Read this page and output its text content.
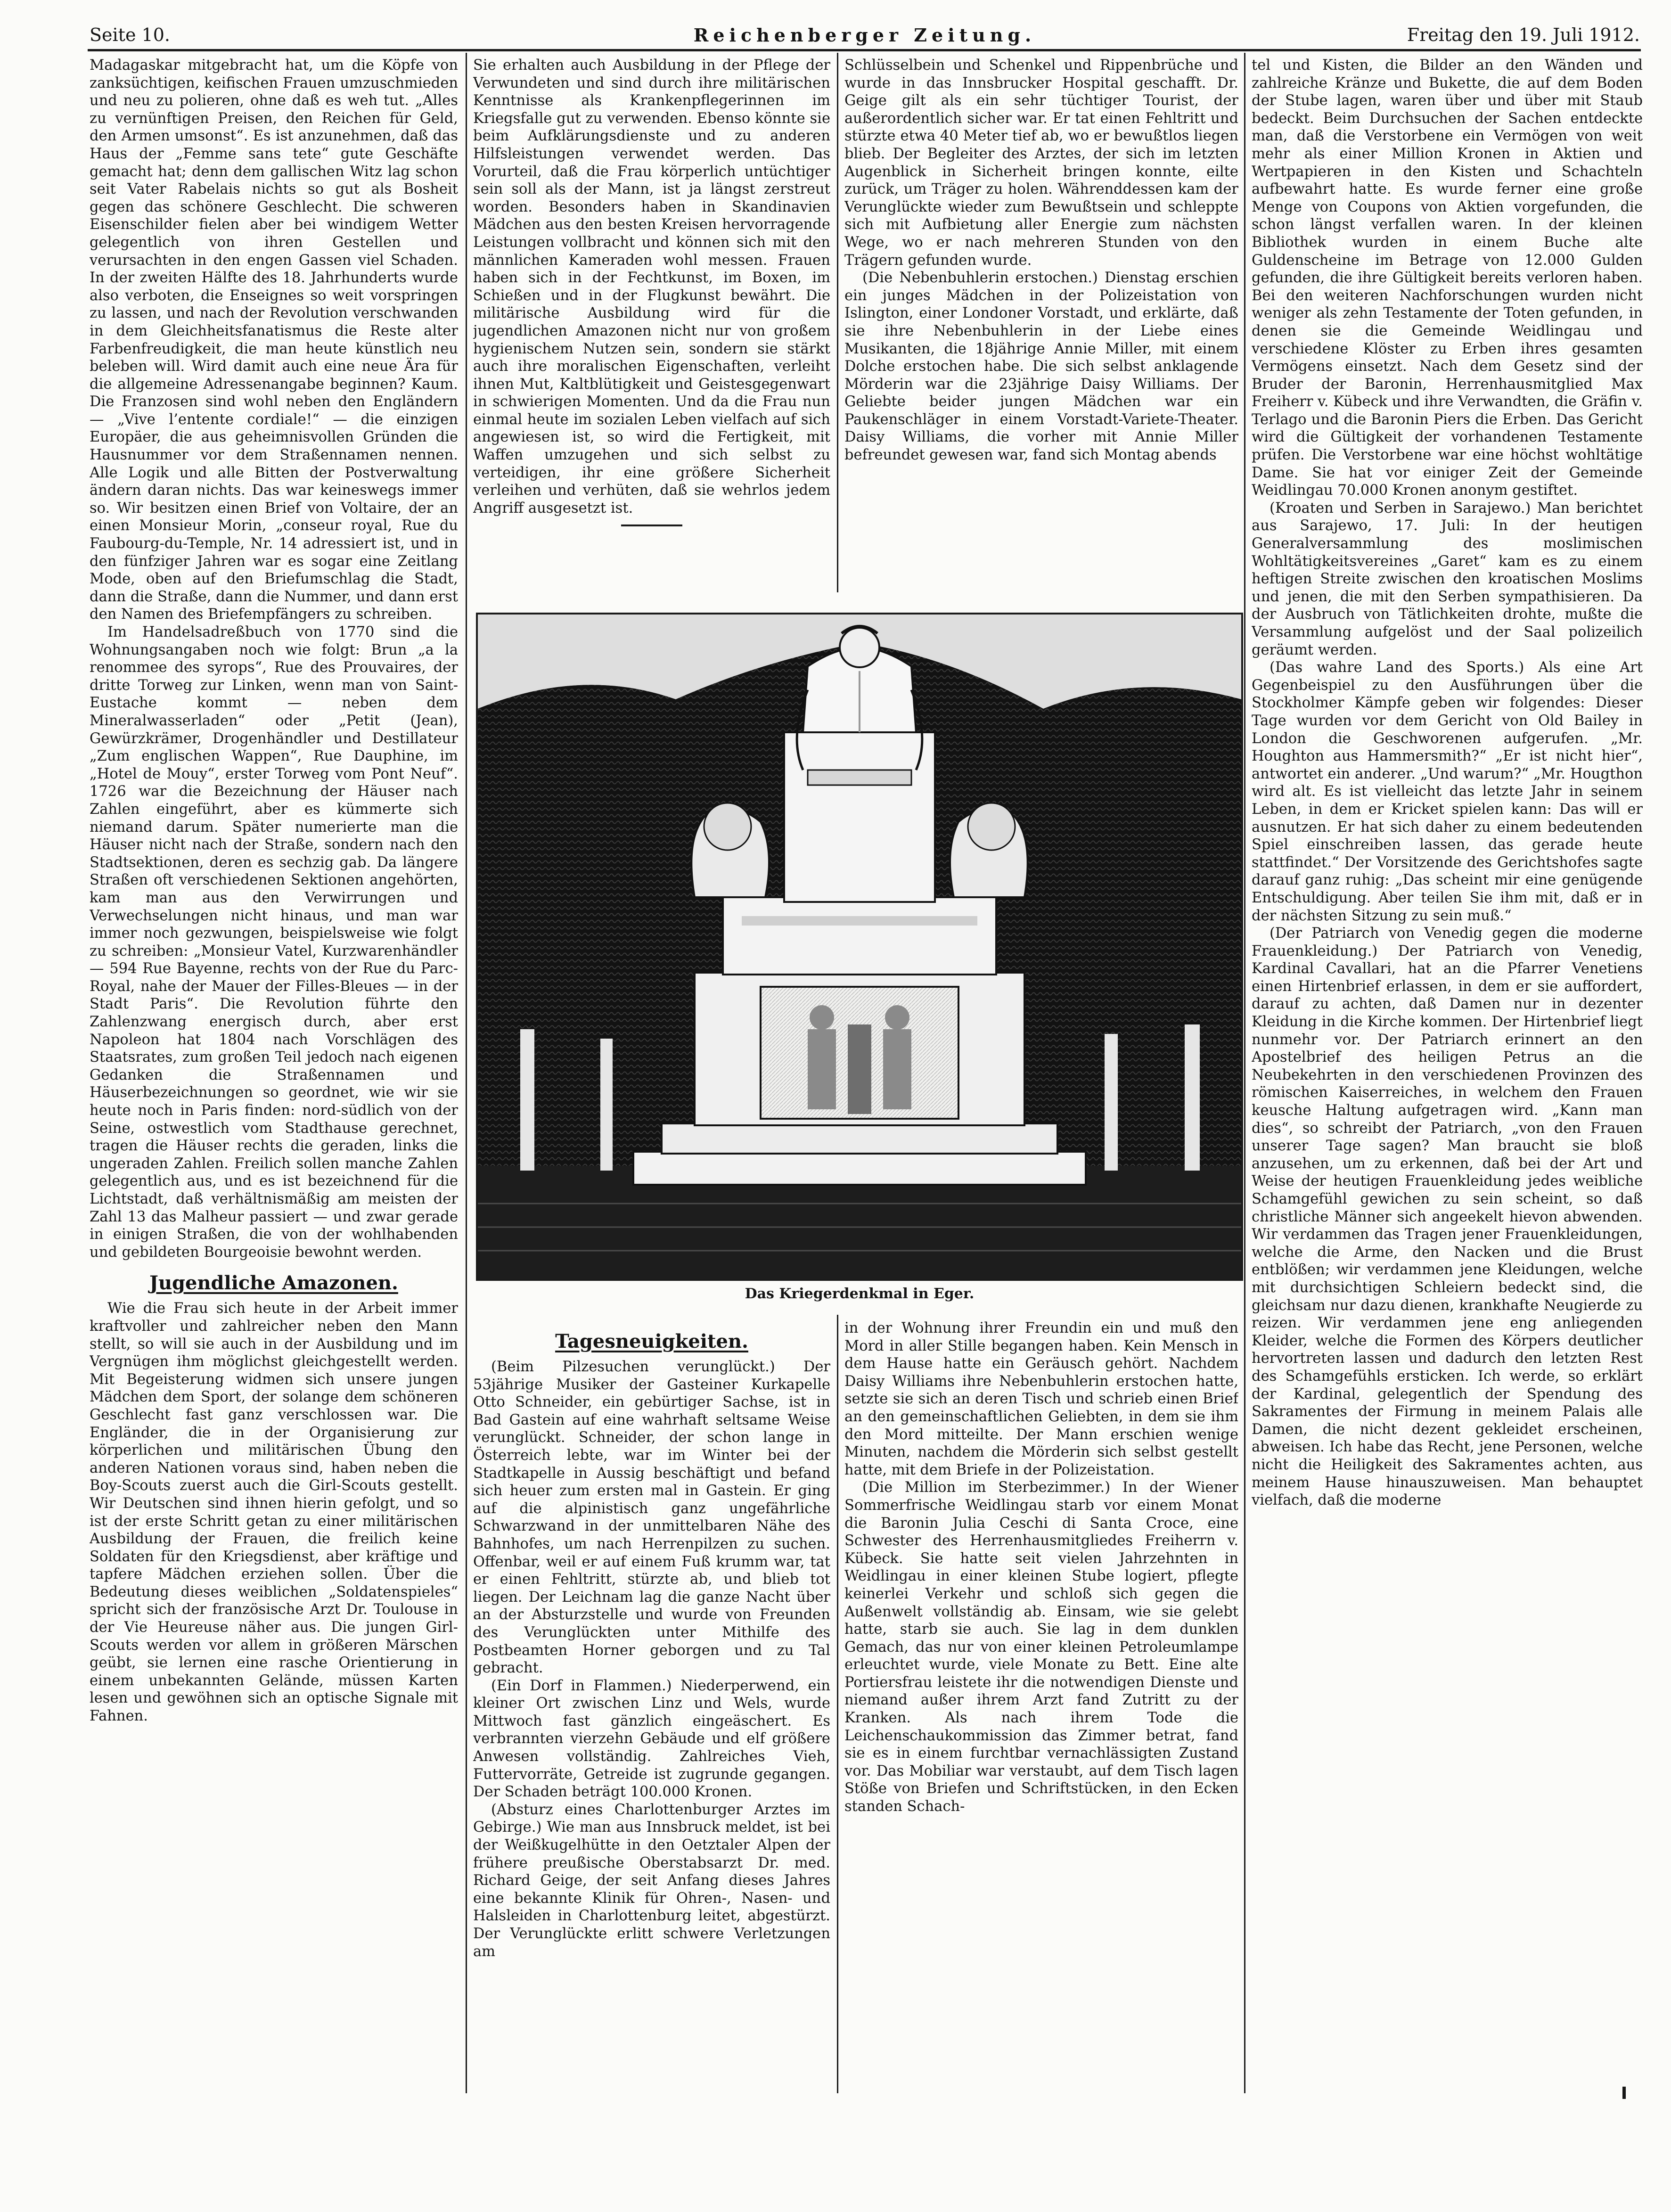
Seite 10.	Reichenberger Zeitung.	Freitag den 19. Juli 1912.

Madagaskar mitgebracht hat, um die Köpfe von zanksüchtigen, keifischen Frauen umzuschmieden und neu zu polieren, ohne daß es weh tut. „Alles zu vernünftigen Preisen, den Reichen für Geld, den Armen umsonst“. Es ist anzunehmen, daß das Haus der „Femme sans tete“ gute Geschäfte gemacht hat; denn dem gallischen Witz lag schon seit Vater Rabelais nichts so gut als Bosheit gegen das schönere Geschlecht. Die schweren Eisenschilder fielen aber bei windigem Wetter gelegentlich von ihren Gestellen und verursachten in den engen Gassen viel Schaden. In der zweiten Hälfte des 18. Jahrhunderts wurde also verboten, die Enseignes so weit vorspringen zu lassen, und nach der Revolution verschwanden in dem Gleichheitsfanatismus die Reste alter Farbenfreudigkeit, die man heute künstlich neu beleben will. Wird damit auch eine neue Ära für die allgemeine Adressenangabe beginnen? Kaum. Die Franzosen sind wohl neben den Engländern — „Vive l’entente cordiale!“ — die einzigen Europäer, die aus geheimnisvollen Gründen die Hausnummer vor dem Straßennamen nennen. Alle Logik und alle Bitten der Postverwaltung ändern daran nichts. Das war keineswegs immer so. Wir besitzen einen Brief von Voltaire, der an einen Monsieur Morin, „conseur royal, Rue du Faubourg-du-Temple, Nr. 14 adressiert ist, und in den fünfziger Jahren war es sogar eine Zeitlang Mode, oben auf den Briefumschlag die Stadt, dann die Straße, dann die Nummer, und dann erst den Namen des Briefempfängers zu schreiben.

Im Handelsadreßbuch von 1770 sind die Wohnungsangaben noch wie folgt: Brun „a la renommee des syrops“, Rue des Prouvaires, der dritte Torweg zur Linken, wenn man von Saint-Eustache kommt — neben dem Mineralwasserladen“ oder „Petit (Jean), Gewürzkrämer, Drogenhändler und Destillateur „Zum englischen Wappen“, Rue Dauphine, im „Hotel de Mouy“, erster Torweg vom Pont Neuf“. 1726 war die Bezeichnung der Häuser nach Zahlen eingeführt, aber es kümmerte sich niemand darum. Später numerierte man die Häuser nicht nach der Straße, sondern nach den Stadtsektionen, deren es sechzig gab. Da längere Straßen oft verschiedenen Sektionen angehörten, kam man aus den Verwirrungen und Verwechselungen nicht hinaus, und man war immer noch gezwungen, beispielsweise wie folgt zu schreiben: „Monsieur Vatel, Kurzwarenhändler — 594 Rue Bayenne, rechts von der Rue du Parc-Royal, nahe der Mauer der Filles-Bleues — in der Stadt Paris“. Die Revolution führte den Zahlenzwang energisch durch, aber erst Napoleon hat 1804 nach Vorschlägen des Staatsrates, zum großen Teil jedoch nach eigenen Gedanken die Straßennamen und Häuserbezeichnungen so geordnet, wie wir sie heute noch in Paris finden: nord-südlich von der Seine, ostwestlich vom Stadthause gerechnet, tragen die Häuser rechts die geraden, links die ungeraden Zahlen. Freilich sollen manche Zahlen gelegentlich aus, und es ist bezeichnend für die Lichtstadt, daß verhältnismäßig am meisten der Zahl 13 das Malheur passiert — und zwar gerade in einigen Straßen, die von der wohlhabenden und gebildeten Bourgeoisie bewohnt werden.

Jugendliche Amazonen.

Wie die Frau sich heute in der Arbeit immer kraftvoller und zahlreicher neben den Mann stellt, so will sie auch in der Ausbildung und im Vergnügen ihm möglichst gleichgestellt werden. Mit Begeisterung widmen sich unsere jungen Mädchen dem Sport, der solange dem schöneren Geschlecht fast ganz verschlossen war. Die Engländer, die in der Organisierung zur körperlichen und militärischen Übung den anderen Nationen voraus sind, haben neben die Boy-Scouts zuerst auch die Girl-Scouts gestellt. Wir Deutschen sind ihnen hierin gefolgt, und so ist der erste Schritt getan zu einer militärischen Ausbildung der Frauen, die freilich keine Soldaten für den Kriegsdienst, aber kräftige und tapfere Mädchen erziehen sollen. Über die Bedeutung dieses weiblichen „Soldatenspieles“ spricht sich der französische Arzt Dr. Toulouse in der Vie Heureuse näher aus. Die jungen Girl-Scouts werden vor allem in größeren Märschen geübt, sie lernen eine rasche Orientierung in einem unbekannten Gelände, müssen Karten lesen und gewöhnen sich an optische Signale mit Fahnen.

Sie erhalten auch Ausbildung in der Pflege der Verwundeten und sind durch ihre militärischen Kenntnisse als Krankenpflegerinnen im Kriegsfalle gut zu verwenden. Ebenso könnte sie beim Aufklärungsdienste und zu anderen Hilfsleistungen verwendet werden. Das Vorurteil, daß die Frau körperlich untüchtiger sein soll als der Mann, ist ja längst zerstreut worden. Besonders haben in Skandinavien Mädchen aus den besten Kreisen hervorragende Leistungen vollbracht und können sich mit den männlichen Kameraden wohl messen. Frauen haben sich in der Fechtkunst, im Boxen, im Schießen und in der Flugkunst bewährt. Die militärische Ausbildung wird für die jugendlichen Amazonen nicht nur von großem hygienischem Nutzen sein, sondern sie stärkt auch ihre moralischen Eigenschaften, verleiht ihnen Mut, Kaltblütigkeit und Geistesgegenwart in schwierigen Momenten. Und da die Frau nun einmal heute im sozialen Leben vielfach auf sich angewiesen ist, so wird die Fertigkeit, mit Waffen umzugehen und sich selbst zu verteidigen, ihr eine größere Sicherheit verleihen und verhüten, daß sie wehrlos jedem Angriff ausgesetzt ist.

Schlüsselbein und Schenkel und Rippenbrüche und wurde in das Innsbrucker Hospital geschafft. Dr. Geige gilt als ein sehr tüchtiger Tourist, der außerordentlich sicher war. Er tat einen Fehltritt und stürzte etwa 40 Meter tief ab, wo er bewußtlos liegen blieb. Der Begleiter des Arztes, der sich im letzten Augenblick in Sicherheit bringen konnte, eilte zurück, um Träger zu holen. Währenddessen kam der Verunglückte wieder zum Bewußtsein und schleppte sich mit Aufbietung aller Energie zum nächsten Wege, wo er nach mehreren Stunden von den Trägern gefunden wurde.

(Die Nebenbuhlerin erstochen.) Dienstag erschien ein junges Mädchen in der Polizeistation von Islington, einer Londoner Vorstadt, und erklärte, daß sie ihre Nebenbuhlerin in der Liebe eines Musikanten, die 18jährige Annie Miller, mit einem Dolche erstochen habe. Die sich selbst anklagende Mörderin war die 23jährige Daisy Williams. Der Geliebte beider jungen Mädchen war ein Paukenschläger in einem Vorstadt-Variete-Theater. Daisy Williams, die vorher mit Annie Miller befreundet gewesen war, fand sich Montag abends

tel und Kisten, die Bilder an den Wänden und zahlreiche Kränze und Bukette, die auf dem Boden der Stube lagen, waren über und über mit Staub bedeckt. Beim Durchsuchen der Sachen entdeckte man, daß die Verstorbene ein Vermögen von weit mehr als einer Million Kronen in Aktien und Wertpapieren in den Kisten und Schachteln aufbewahrt hatte. Es wurde ferner eine große Menge von Coupons von Aktien vorgefunden, die schon längst verfallen waren. In der kleinen Bibliothek wurden in einem Buche alte Guldenscheine im Betrage von 12.000 Gulden gefunden, die ihre Gültigkeit bereits verloren haben. Bei den weiteren Nachforschungen wurden nicht weniger als zehn Testamente der Toten gefunden, in denen sie die Gemeinde Weidlingau und verschiedene Klöster zu Erben ihres gesamten Vermögens einsetzt. Nach dem Gesetz sind der Bruder der Baronin, Herrenhausmitglied Max Freiherr v. Kübeck und ihre Verwandten, die Gräfin v. Terlago und die Baronin Piers die Erben. Das Gericht wird die Gültigkeit der vorhandenen Testamente prüfen. Die Verstorbene war eine höchst wohltätige Dame. Sie hat vor einiger Zeit der Gemeinde Weidlingau 70.000 Kronen anonym gestiftet.

(Kroaten und Serben in Sarajewo.) Man berichtet aus Sarajewo, 17. Juli: In der heutigen Generalversammlung des moslimischen Wohltätigkeitsvereines „Garet“ kam es zu einem heftigen Streite zwischen den kroatischen Moslims und jenen, die mit den Serben sympathisieren. Da der Ausbruch von Tätlichkeiten drohte, mußte die Versammlung aufgelöst und der Saal polizeilich geräumt werden.

(Das wahre Land des Sports.) Als eine Art Gegenbeispiel zu den Ausführungen über die Stockholmer Kämpfe geben wir folgendes: Dieser Tage wurden vor dem Gericht von Old Bailey in London die Geschworenen aufgerufen. „Mr. Houghton aus Hammersmith?“ „Er ist nicht hier“, antwortet ein anderer. „Und warum?“ „Mr. Hougthon wird alt. Es ist vielleicht das letzte Jahr in seinem Leben, in dem er Kricket spielen kann: Das will er ausnutzen. Er hat sich daher zu einem bedeutenden Spiel einschreiben lassen, das gerade heute stattfindet.“ Der Vorsitzende des Gerichtshofes sagte darauf ganz ruhig: „Das scheint mir eine genügende Entschuldigung. Aber teilen Sie ihm mit, daß er in der nächsten Sitzung zu sein muß.“

(Der Patriarch von Venedig gegen die moderne Frauenkleidung.) Der Patriarch von Venedig, Kardinal Cavallari, hat an die Pfarrer Venetiens einen Hirtenbrief erlassen, in dem er sie auffordert, darauf zu achten, daß Damen nur in dezenter Kleidung in die Kirche kommen. Der Hirtenbrief liegt nunmehr vor. Der Patriarch erinnert an den Apostelbrief des heiligen Petrus an die Neubekehrten in den verschiedenen Provinzen des römischen Kaiserreiches, in welchem den Frauen keusche Haltung aufgetragen wird. „Kann man dies“, so schreibt der Patriarch, „von den Frauen unserer Tage sagen? Man braucht sie bloß anzusehen, um zu erkennen, daß bei der Art und Weise der heutigen Frauenkleidung jedes weibliche Schamgefühl gewichen zu sein scheint, so daß christliche Männer sich angeekelt hievon abwenden. Wir verdammen das Tragen jener Frauenkleidungen, welche die Arme, den Nacken und die Brust entblößen; wir verdammen jene Kleidungen, welche mit durchsichtigen Schleiern bedeckt sind, die gleichsam nur dazu dienen, krankhafte Neugierde zu reizen. Wir verdammen jene eng anliegenden Kleider, welche die Formen des Körpers deutlicher hervortreten lassen und dadurch den letzten Rest des Schamgefühls ersticken. Ich werde, so erklärt der Kardinal, gelegentlich der Spendung des Sakramentes der Firmung in meinem Palais alle Damen, die nicht dezent gekleidet erscheinen, abweisen. Ich habe das Recht, jene Personen, welche nicht die Heiligkeit des Sakramentes achten, aus meinem Hause hinauszuweisen. Man behauptet vielfach, daß die moderne

Tagesneuigkeiten.

(Beim Pilzesuchen verunglückt.) Der 53jährige Musiker der Gasteiner Kurkapelle Otto Schneider, ein gebürtiger Sachse, ist in Bad Gastein auf eine wahrhaft seltsame Weise verunglückt. Schneider, der schon lange in Österreich lebte, war im Winter bei der Stadtkapelle in Aussig beschäftigt und befand sich heuer zum ersten mal in Gastein. Er ging auf die alpinistisch ganz ungefährliche Schwarzwand in der unmittelbaren Nähe des Bahnhofes, um nach Herrenpilzen zu suchen. Offenbar, weil er auf einem Fuß krumm war, tat er einen Fehltritt, stürzte ab, und blieb tot liegen. Der Leichnam lag die ganze Nacht über an der Absturzstelle und wurde von Freunden des Verunglückten unter Mithilfe des Postbeamten Horner geborgen und zu Tal gebracht.

(Ein Dorf in Flammen.) Niederperwend, ein kleiner Ort zwischen Linz und Wels, wurde Mittwoch fast gänzlich eingeäschert. Es verbrannten vierzehn Gebäude und elf größere Anwesen vollständig. Zahlreiches Vieh, Futtervorräte, Getreide ist zugrunde gegangen. Der Schaden beträgt 100.000 Kronen.

(Absturz eines Charlottenburger Arztes im Gebirge.) Wie man aus Innsbruck meldet, ist bei der Weißkugelhütte in den Oetztaler Alpen der frühere preußische Oberstabsarzt Dr. med. Richard Geige, der seit Anfang dieses Jahres eine bekannte Klinik für Ohren-, Nasen- und Halsleiden in Charlottenburg leitet, abgestürzt. Der Verunglückte erlitt schwere Verletzungen am

in der Wohnung ihrer Freundin ein und muß den Mord in aller Stille begangen haben. Kein Mensch in dem Hause hatte ein Geräusch gehört. Nachdem Daisy Williams ihre Nebenbuhlerin erstochen hatte, setzte sie sich an deren Tisch und schrieb einen Brief an den gemeinschaftlichen Geliebten, in dem sie ihm den Mord mitteilte. Der Mann erschien wenige Minuten, nachdem die Mörderin sich selbst gestellt hatte, mit dem Briefe in der Polizeistation.

(Die Million im Sterbezimmer.) In der Wiener Sommerfrische Weidlingau starb vor einem Monat die Baronin Julia Ceschi di Santa Croce, eine Schwester des Herrenhausmitgliedes Freiherrn v. Kübeck. Sie hatte seit vielen Jahrzehnten in Weidlingau in einer kleinen Stube logiert, pflegte keinerlei Verkehr und schloß sich gegen die Außenwelt vollständig ab. Einsam, wie sie gelebt hatte, starb sie auch. Sie lag in dem dunklen Gemach, das nur von einer kleinen Petroleumlampe erleuchtet wurde, viele Monate zu Bett. Eine alte Portiersfrau leistete ihr die notwendigen Dienste und niemand außer ihrem Arzt fand Zutritt zu der Kranken. Als nach ihrem Tode die Leichenschaukommission das Zimmer betrat, fand sie es in einem furchtbar vernachlässigten Zustand vor. Das Mobiliar war verstaubt, auf dem Tisch lagen Stöße von Briefen und Schriftstücken, in den Ecken standen Schach-

Das Kriegerdenkmal in Eger.
